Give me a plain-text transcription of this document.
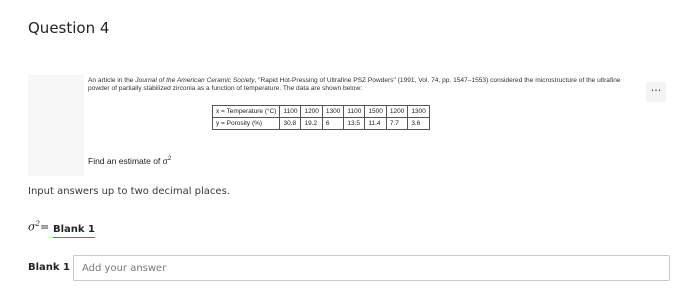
Question 4
An article in the Journal of the American Ceramic Society, "Rapid Hot-Pressing of Ultrafine PSZ Powders" (1991, Vol. 74, pp. 1547–1553) considered the microstructure of the ultrafine powder of partially stabilized zirconia as a function of temperature. The data are shown below:
x = Temperature (°C)	1100	1200	1300	1100	1500	1200	1300
y = Porosity (%)	30.8	19.2	6	13.5	11.4	7.7	3.6
Find an estimate of $\sigma^2$
...
Input answers up to two decimal places.
$\sigma^2=$ Blank 1
Blank 1
Add your answer
